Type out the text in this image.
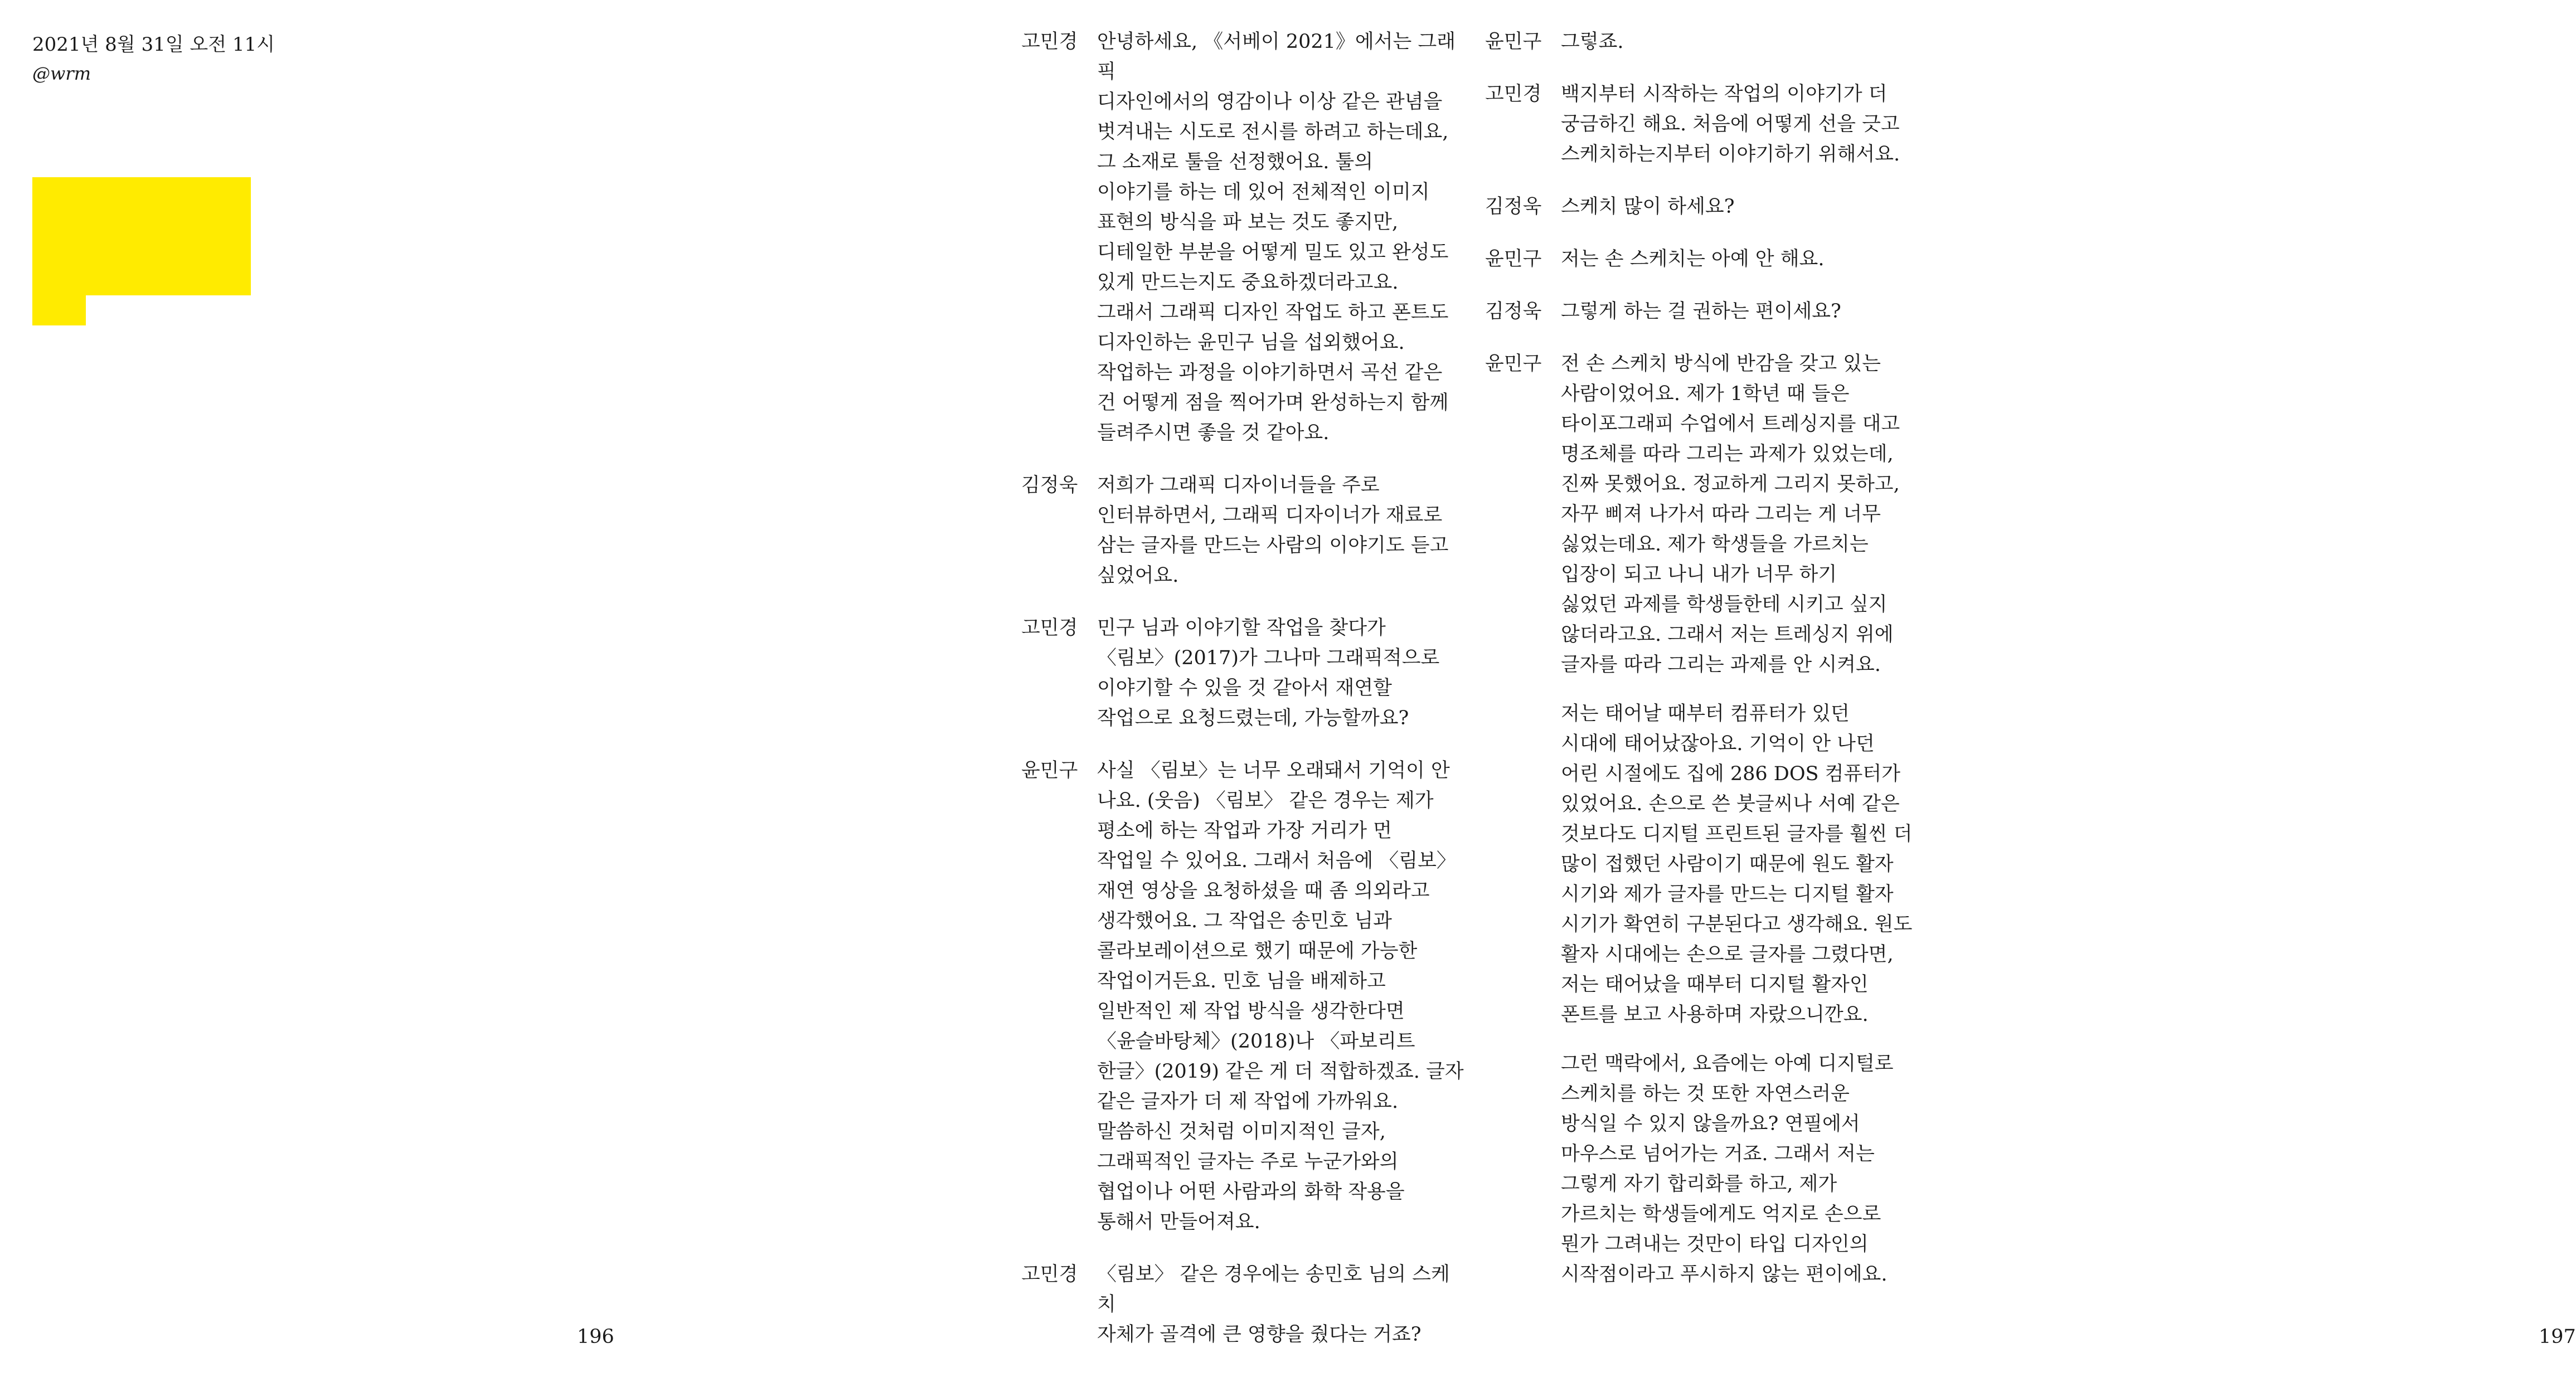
2021년 8월 31일 오전 11시
@wrm
196	197
고민경 안녕하세요, 《서베이 2021》에서는 그래픽
디자인에서의 영감이나 이상 같은 관념을
벗겨내는 시도로 전시를 하려고 하는데요,
그 소재로 툴을 선정했어요. 툴의
이야기를 하는 데 있어 전체적인 이미지
표현의 방식을 파 보는 것도 좋지만,
디테일한 부분을 어떻게 밀도 있고 완성도
있게 만드는지도 중요하겠더라고요.
그래서 그래픽 디자인 작업도 하고 폰트도
디자인하는 윤민구 님을 섭외했어요.
작업하는 과정을 이야기하면서 곡선 같은
건 어떻게 점을 찍어가며 완성하는지 함께
들려주시면 좋을 것 같아요.

김정욱 저희가 그래픽 디자이너들을 주로
인터뷰하면서, 그래픽 디자이너가 재료로
삼는 글자를 만드는 사람의 이야기도 듣고
싶었어요.

고민경 민구 님과 이야기할 작업을 찾다가
〈림보〉(2017)가 그나마 그래픽적으로
이야기할 수 있을 것 같아서 재연할
작업으로 요청드렸는데, 가능할까요?

윤민구 사실 〈림보〉는 너무 오래돼서 기억이 안
나요. (웃음) 〈림보〉 같은 경우는 제가
평소에 하는 작업과 가장 거리가 먼
작업일 수 있어요. 그래서 처음에 〈림보〉
재연 영상을 요청하셨을 때 좀 의외라고
생각했어요. 그 작업은 송민호 님과
콜라보레이션으로 했기 때문에 가능한
작업이거든요. 민호 님을 배제하고
일반적인 제 작업 방식을 생각한다면
〈윤슬바탕체〉(2018)나 〈파보리트
한글〉(2019) 같은 게 더 적합하겠죠. 글자
같은 글자가 더 제 작업에 가까워요.
말씀하신 것처럼 이미지적인 글자,
그래픽적인 글자는 주로 누군가와의
협업이나 어떤 사람과의 화학 작용을
통해서 만들어져요.

고민경 〈림보〉 같은 경우에는 송민호 님의 스케치
자체가 골격에 큰 영향을 줬다는 거죠?

윤민구 그렇죠.

고민경 백지부터 시작하는 작업의 이야기가 더
궁금하긴 해요. 처음에 어떻게 선을 긋고
스케치하는지부터 이야기하기 위해서요.

김정욱 스케치 많이 하세요?

윤민구 저는 손 스케치는 아예 안 해요.

김정욱 그렇게 하는 걸 권하는 편이세요?

윤민구 전 손 스케치 방식에 반감을 갖고 있는
사람이었어요. 제가 1학년 때 들은
타이포그래피 수업에서 트레싱지를 대고
명조체를 따라 그리는 과제가 있었는데,
진짜 못했어요. 정교하게 그리지 못하고,
자꾸 삐져 나가서 따라 그리는 게 너무
싫었는데요. 제가 학생들을 가르치는
입장이 되고 나니 내가 너무 하기
싫었던 과제를 학생들한테 시키고 싶지
않더라고요. 그래서 저는 트레싱지 위에
글자를 따라 그리는 과제를 안 시켜요.

저는 태어날 때부터 컴퓨터가 있던
시대에 태어났잖아요. 기억이 안 나던
어린 시절에도 집에 286 DOS 컴퓨터가
있었어요. 손으로 쓴 붓글씨나 서예 같은
것보다도 디지털 프린트된 글자를 훨씬 더
많이 접했던 사람이기 때문에 원도 활자
시기와 제가 글자를 만드는 디지털 활자
시기가 확연히 구분된다고 생각해요. 원도
활자 시대에는 손으로 글자를 그렸다면,
저는 태어났을 때부터 디지털 활자인
폰트를 보고 사용하며 자랐으니깐요.

그런 맥락에서, 요즘에는 아예 디지털로
스케치를 하는 것 또한 자연스러운
방식일 수 있지 않을까요? 연필에서
마우스로 넘어가는 거죠. 그래서 저는
그렇게 자기 합리화를 하고, 제가
가르치는 학생들에게도 억지로 손으로
뭔가 그려내는 것만이 타입 디자인의
시작점이라고 푸시하지 않는 편이에요.
